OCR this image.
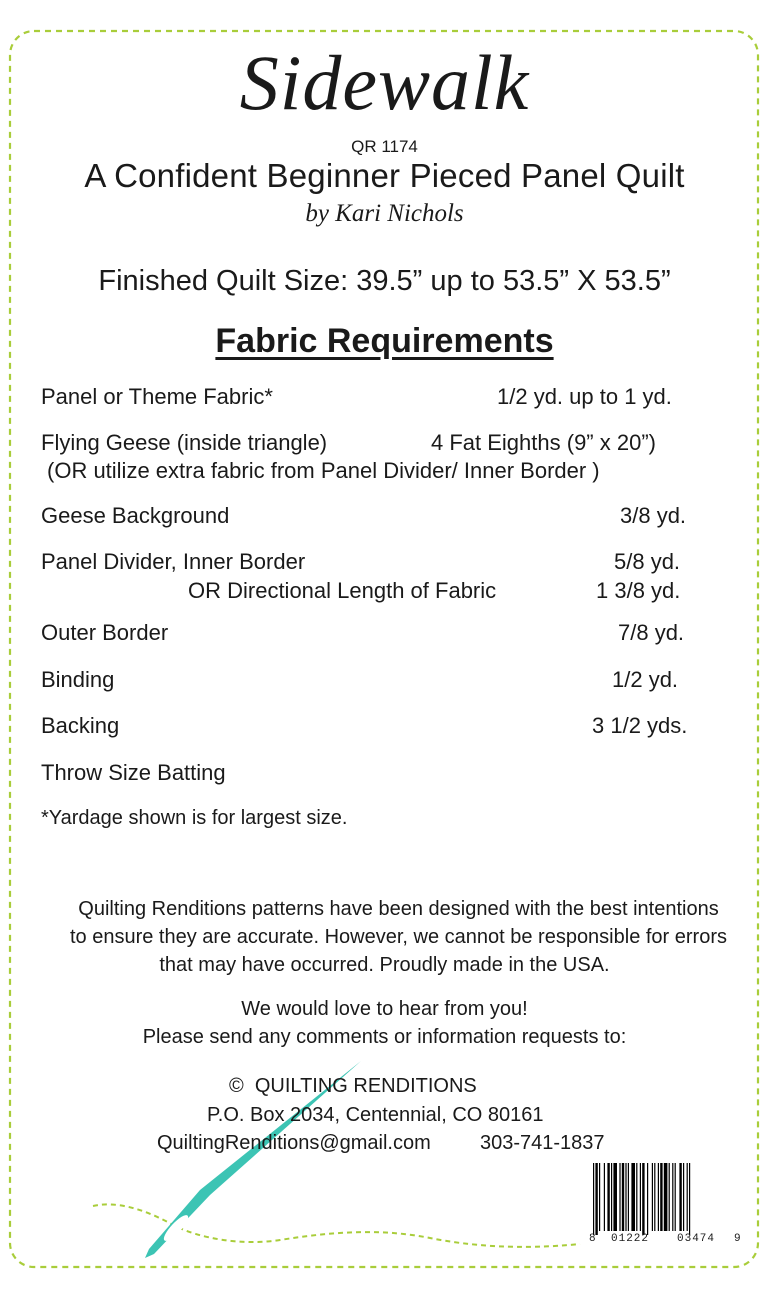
Sidewalk
QR 1174
A Confident Beginner Pieced Panel Quilt
by Kari Nichols
Finished Quilt Size: 39.5” up to 53.5” X 53.5”
Fabric Requirements
Panel or Theme Fabric*	1/2 yd. up to 1 yd.
Flying Geese (inside triangle)	4 Fat Eighths (9” x 20”)
(OR utilize extra fabric from Panel Divider/ Inner Border )
Geese Background	3/8 yd.
Panel Divider, Inner Border	5/8 yd.
OR Directional Length of Fabric	1 3/8 yd.
Outer Border	7/8 yd.
Binding	1/2 yd.
Backing	3 1/2 yds.
Throw Size Batting
*Yardage shown is for largest size.
Quilting Renditions patterns have been designed with the best intentions
to ensure they are accurate. However, we cannot be responsible for errors
that may have occurred. Proudly made in the USA.
We would love to hear from you!
Please send any comments or information requests to:
© QUILTING RENDITIONS
P.O. Box 2034, Centennial, CO 80161
QuiltingRenditions@gmail.com 303-741-1837
8 01222	03474 9
